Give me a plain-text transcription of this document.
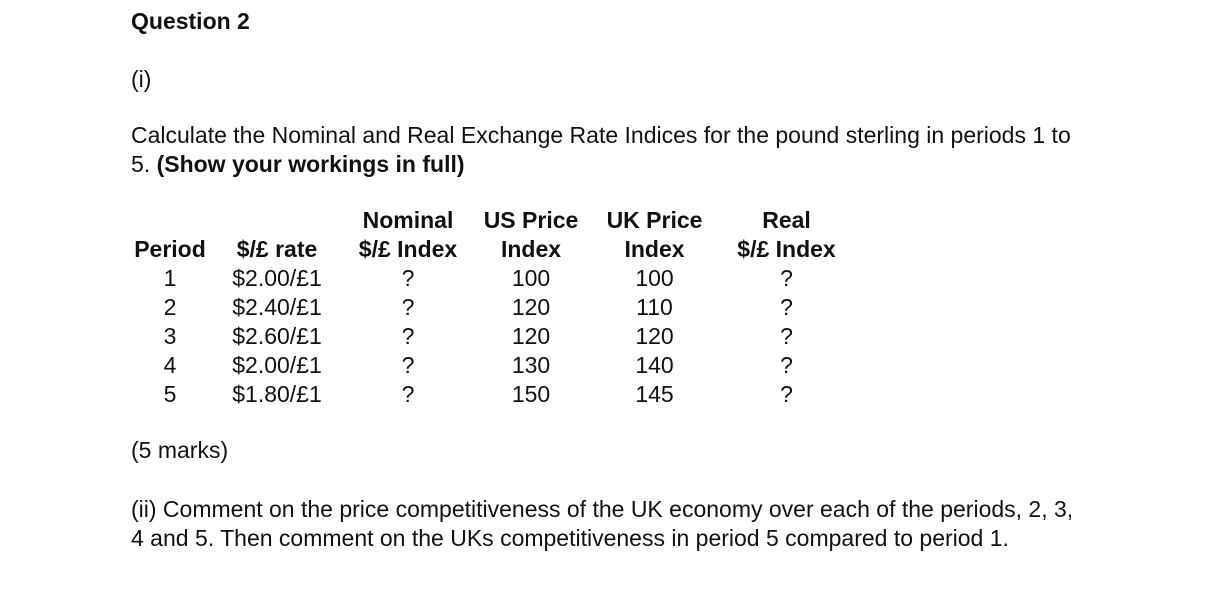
Question 2
(i)
Calculate the Nominal and Real Exchange Rate Indices for the pound sterling in periods 1 to 5. (Show your workings in full)
		Nominal	US Price	UK Price	Real
Period	$/£ rate	$/£ Index	Index	Index	$/£ Index
1	$2.00/£1	?	100	100	?
2	$2.40/£1	?	120	110	?
3	$2.60/£1	?	120	120	?
4	$2.00/£1	?	130	140	?
5	$1.80/£1	?	150	145	?
(5 marks)
(ii) Comment on the price competitiveness of the UK economy over each of the periods, 2, 3, 4 and 5. Then comment on the UKs competitiveness in period 5 compared to period 1.
